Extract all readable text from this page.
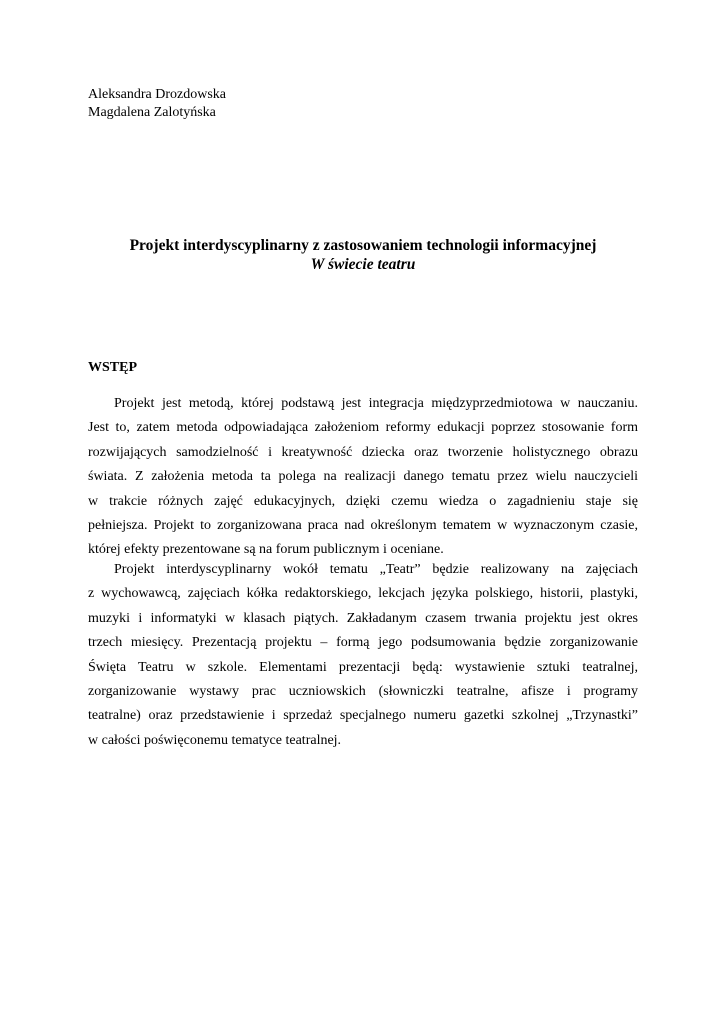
Aleksandra Drozdowska
Magdalena Zalotyńska
Projekt interdyscyplinarny z zastosowaniem technologii informacyjnej
W świecie teatru
WSTĘP
Projekt jest metodą, której podstawą jest integracja międzyprzedmiotowa w nauczaniu.
Jest to, zatem metoda odpowiadająca założeniom reformy edukacji poprzez stosowanie form
rozwijających samodzielność i kreatywność dziecka oraz tworzenie holistycznego obrazu
świata. Z założenia metoda ta polega na realizacji danego tematu przez wielu nauczycieli
w trakcie różnych zajęć edukacyjnych, dzięki czemu wiedza o zagadnieniu staje się
pełniejsza. Projekt to zorganizowana praca nad określonym tematem w wyznaczonym czasie,
której efekty prezentowane są na forum publicznym i oceniane.
Projekt interdyscyplinarny wokół tematu „Teatr” będzie realizowany na zajęciach
z wychowawcą, zajęciach kółka redaktorskiego, lekcjach języka polskiego, historii, plastyki,
muzyki i informatyki w klasach piątych. Zakładanym czasem trwania projektu jest okres
trzech miesięcy. Prezentacją projektu – formą jego podsumowania będzie zorganizowanie
Święta Teatru w szkole. Elementami prezentacji będą: wystawienie sztuki teatralnej,
zorganizowanie wystawy prac uczniowskich (słowniczki teatralne, afisze i programy
teatralne) oraz przedstawienie i sprzedaż specjalnego numeru gazetki szkolnej „Trzynastki”
w całości poświęconemu tematyce teatralnej.
